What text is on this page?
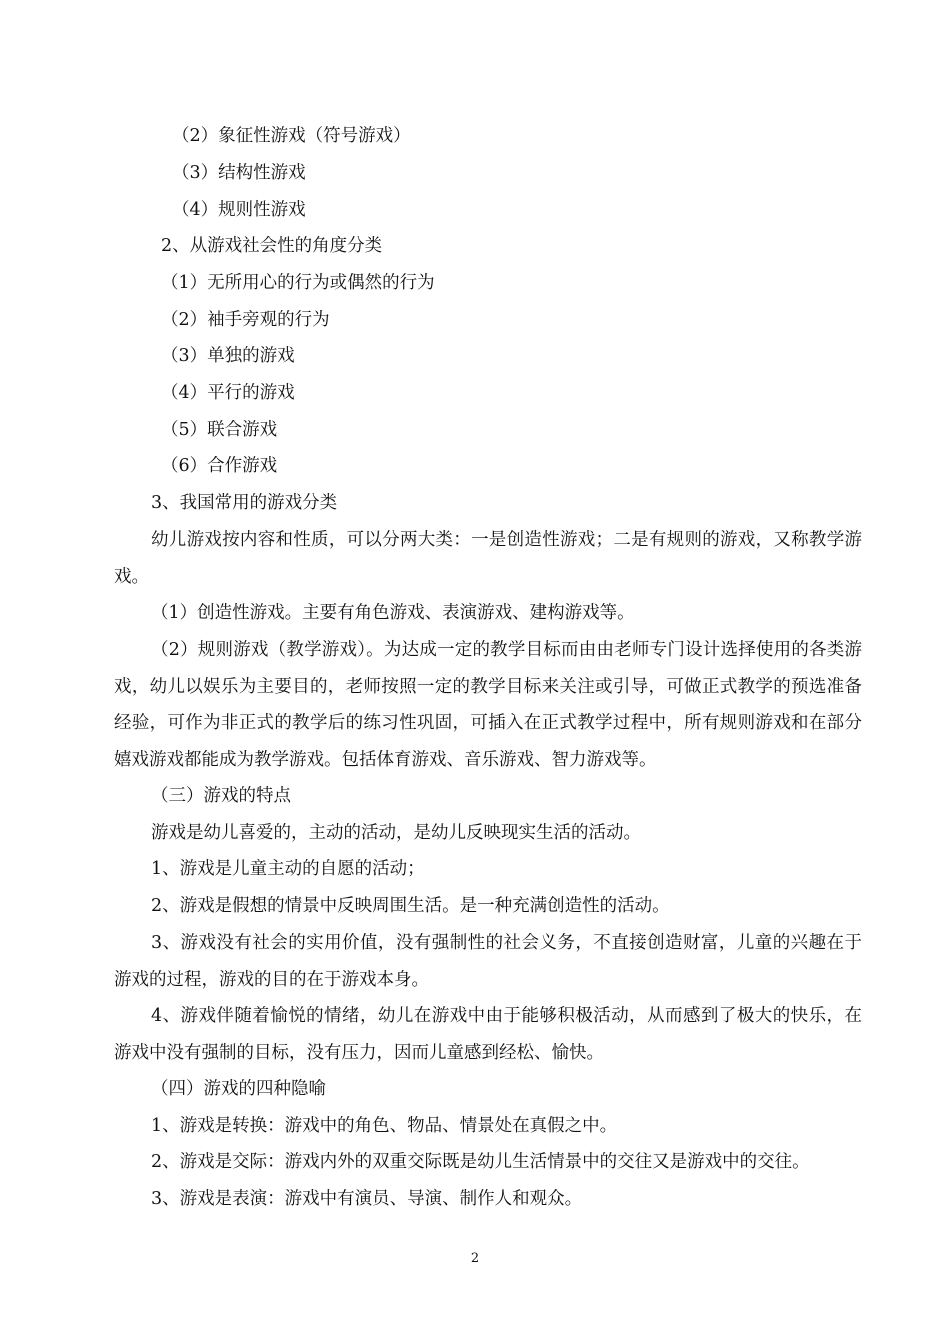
（2）象征性游戏（符号游戏）
（3）结构性游戏
（4）规则性游戏
2、从游戏社会性的角度分类
（1）无所用心的行为或偶然的行为
（2）袖手旁观的行为
（3）单独的游戏
（4）平行的游戏
（5）联合游戏
（6）合作游戏
3、我国常用的游戏分类
幼儿游戏按内容和性质，可以分两大类：一是创造性游戏；二是有规则的游戏，又称教学游戏。
（1）创造性游戏。主要有角色游戏、表演游戏、建构游戏等。
（2）规则游戏（教学游戏）。为达成一定的教学目标而由由老师专门设计选择使用的各类游戏，幼儿以娱乐为主要目的，老师按照一定的教学目标来关注或引导，可做正式教学的预选准备经验，可作为非正式的教学后的练习性巩固，可插入在正式教学过程中，所有规则游戏和在部分嬉戏游戏都能成为教学游戏。包括体育游戏、音乐游戏、智力游戏等。
（三）游戏的特点
游戏是幼儿喜爱的，主动的活动，是幼儿反映现实生活的活动。
1、游戏是儿童主动的自愿的活动；
2、游戏是假想的情景中反映周围生活。是一种充满创造性的活动。
3、游戏没有社会的实用价值，没有强制性的社会义务，不直接创造财富，儿童的兴趣在于游戏的过程，游戏的目的在于游戏本身。
4、游戏伴随着愉悦的情绪，幼儿在游戏中由于能够积极活动，从而感到了极大的快乐，在游戏中没有强制的目标，没有压力，因而儿童感到经松、愉快。
（四）游戏的四种隐喻
1、游戏是转换：游戏中的角色、物品、情景处在真假之中。
2、游戏是交际：游戏内外的双重交际既是幼儿生活情景中的交往又是游戏中的交往。
3、游戏是表演：游戏中有演员、导演、制作人和观众。
2
